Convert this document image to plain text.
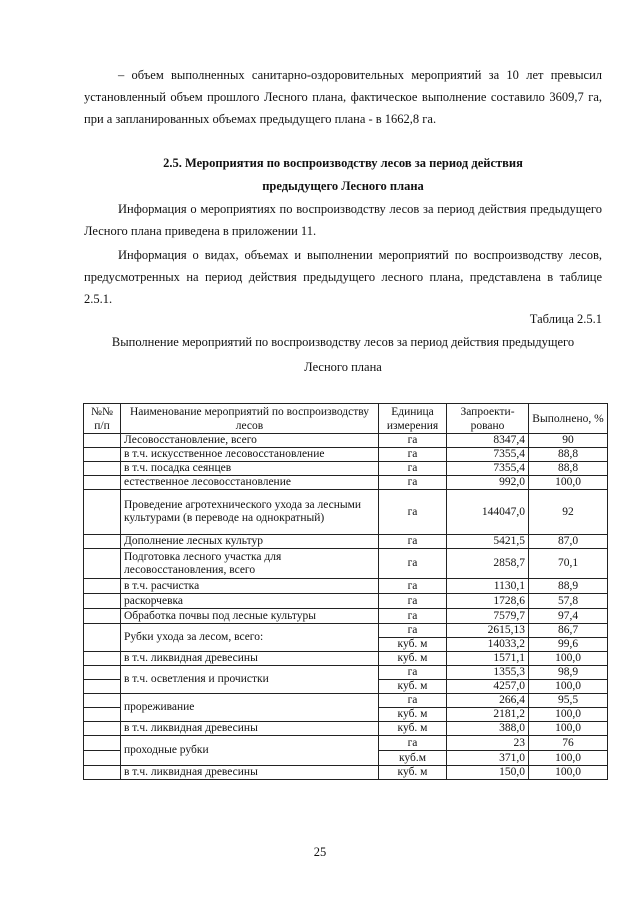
– объем выполненных санитарно-оздоровительных мероприятий за 10 лет превысил установленный объем прошлого Лесного плана, фактическое выполнение составило 3609,7 га, при а запланированных объемах предыдущего плана - в 1662,8 га.

2.5. Мероприятия по воспроизводству лесов за период действия
предыдущего Лесного плана

Информация о мероприятиях по воспроизводству лесов за период действия предыдущего Лесного плана приведена в приложении 11.

Информация о видах, объемах и выполнении мероприятий по воспроизводству лесов, предусмотренных на период действия предыдущего лесного плана, представлена в таблице 2.5.1.

Таблица 2.5.1

Выполнение мероприятий по воспроизводству лесов за период действия предыдущего
Лесного плана

№№ п/п	Наименование мероприятий по воспроизводству лесов	Единица измерения	Запроекти-ровано	Выполнено, %
	Лесовосстановление, всего	га	8347,4	90
	в т.ч. искусственное лесовосстановление	га	7355,4	88,8
	в т.ч. посадка сеянцев	га	7355,4	88,8
	естественное лесовосстановление	га	992,0	100,0
	Проведение агротехнического ухода за лесными культурами (в переводе на однократный)	га	144047,0	92
	Дополнение лесных культур	га	5421,5	87,0
	Подготовка лесного участка для лесовосстановления, всего	га	2858,7	70,1
	в т.ч. расчистка	га	1130,1	88,9
	раскорчевка	га	1728,6	57,8
	Обработка почвы под лесные культуры	га	7579,7	97,4
	Рубки ухода за лесом, всего:	га	2615,13	86,7
		куб. м	14033,2	99,6
	в т.ч. ликвидная древесины	куб. м	1571,1	100,0
	в т.ч. осветления и прочистки	га	1355,3	98,9
		куб. м	4257,0	100,0
	прореживание	га	266,4	95,5
		куб. м	2181,2	100,0
	в т.ч. ликвидная древесины	куб. м	388,0	100,0
	проходные рубки	га	23	76
		куб.м	371,0	100,0
	в т.ч. ликвидная древесины	куб. м	150,0	100,0
25
